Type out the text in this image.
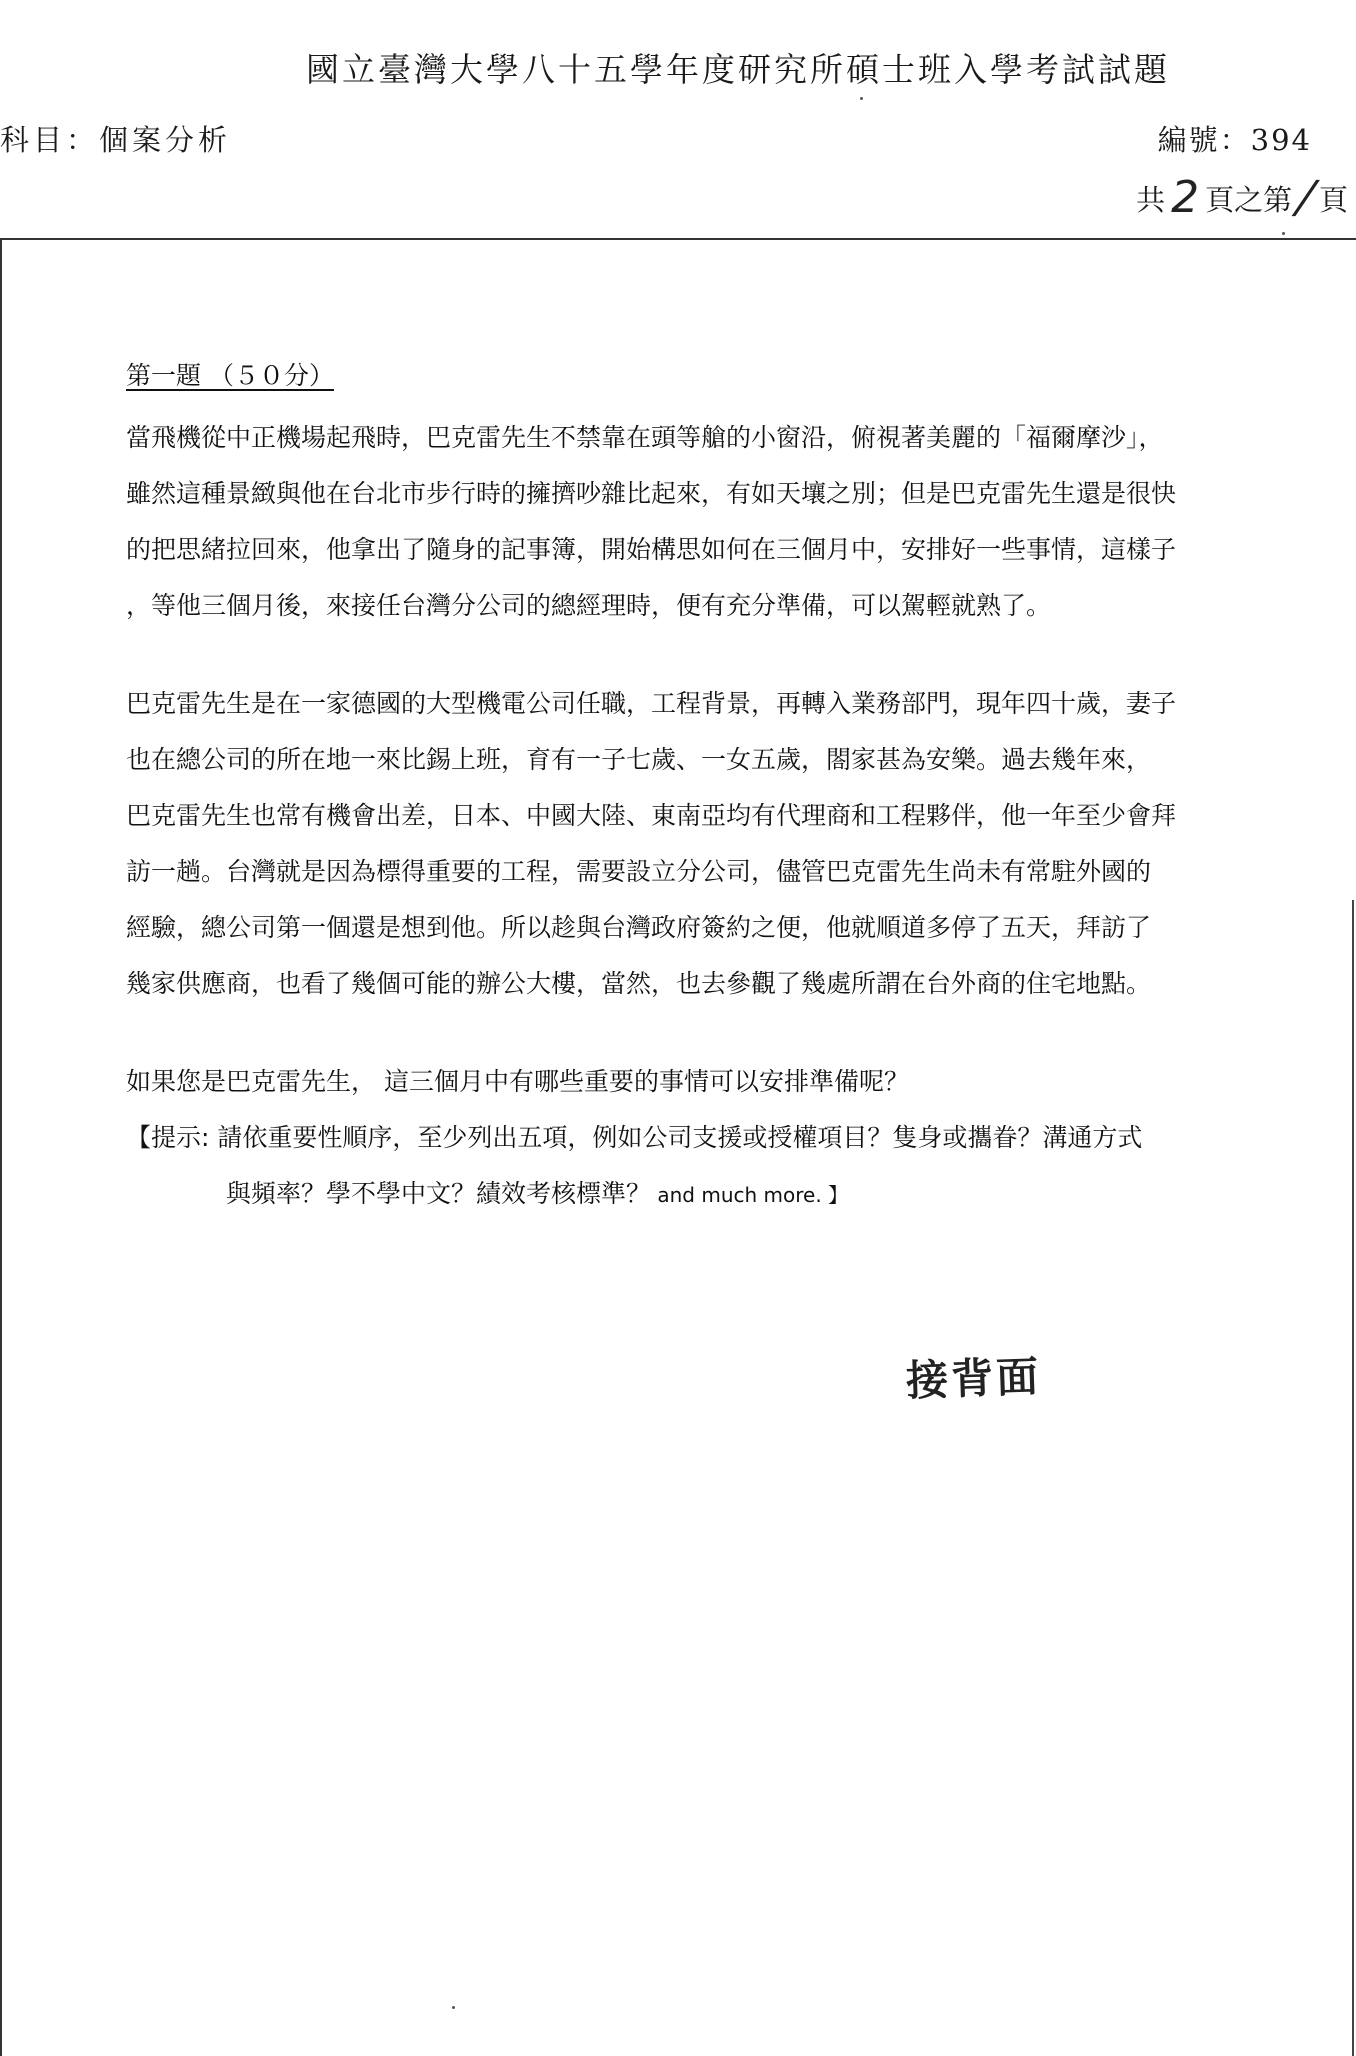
國立臺灣大學八十五學年度研究所碩士班入學考試試題
科目：個案分析	編號：394
共 2 頁之第 / 頁
第一題 （５０分）
當飛機從中正機場起飛時，巴克雷先生不禁靠在頭等艙的小窗沿，俯視著美麗的「福爾摩沙」，
雖然這種景緻與他在台北市步行時的擁擠吵雜比起來，有如天壤之別；但是巴克雷先生還是很快
的把思緒拉回來，他拿出了隨身的記事簿，開始構思如何在三個月中，安排好一些事情，這樣子
，等他三個月後，來接任台灣分公司的總經理時，便有充分準備，可以駕輕就熟了。
巴克雷先生是在一家德國的大型機電公司任職，工程背景，再轉入業務部門，現年四十歲，妻子
也在總公司的所在地一來比錫上班，育有一子七歲、一女五歲，閤家甚為安樂。過去幾年來，
巴克雷先生也常有機會出差，日本、中國大陸、東南亞均有代理商和工程夥伴，他一年至少會拜
訪一趟。台灣就是因為標得重要的工程，需要設立分公司，儘管巴克雷先生尚未有常駐外國的
經驗，總公司第一個還是想到他。所以趁與台灣政府簽約之便，他就順道多停了五天，拜訪了
幾家供應商，也看了幾個可能的辦公大樓，當然，也去參觀了幾處所謂在台外商的住宅地點。
如果您是巴克雷先生， 這三個月中有哪些重要的事情可以安排準備呢？
【提示: 請依重要性順序，至少列出五項，例如公司支援或授權項目？隻身或攜眷？溝通方式
與頻率？學不學中文？績效考核標準？ and much more. 】
接背面
